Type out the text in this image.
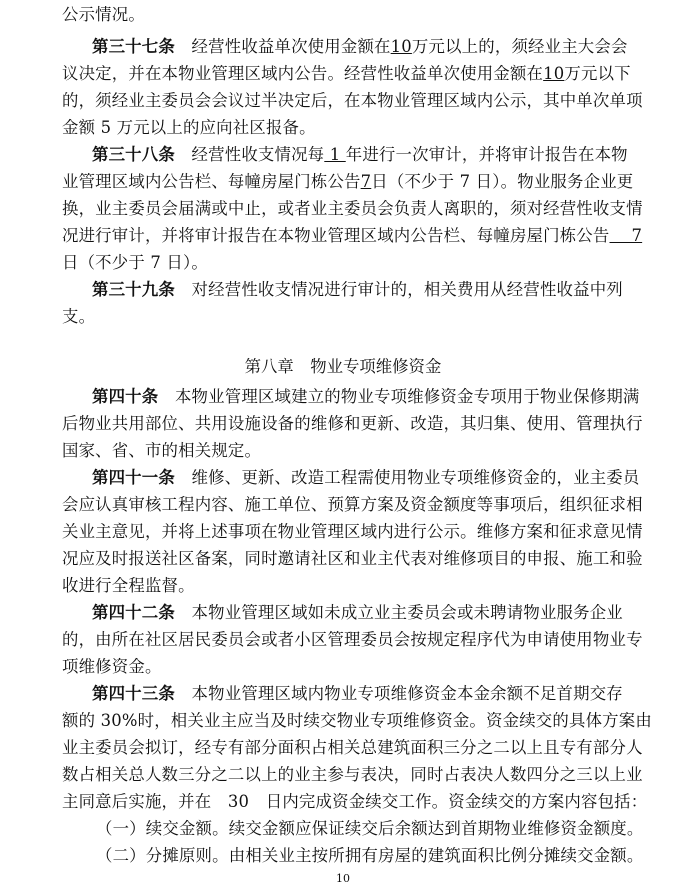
公示情况。
第三十七条　 经营性收益单次使用金额在10万元以上的，须经业主大会会
议决定，并在本物业管理区域内公告。经营性收益单次使用金额在10万元以下
的，须经业主委员会会议过半决定后，在本物业管理区域内公示，其中单次单项
金额 5 万元以上的应向社区报备。
第三十八条　 经营性收支情况每 1 年进行一次审计，并将审计报告在本物
业管理区域内公告栏、每幢房屋门栋公告7日（不少于 7 日）。物业服务企业更
换，业主委员会届满或中止，或者业主委员会负责人离职的，须对经营性收支情
况进行审计，并将审计报告在本物业管理区域内公告栏、每幢房屋门栋公告　 7
日（不少于 7 日）。
第三十九条　 对经营性收支情况进行审计的，相关费用从经营性收益中列
支。
第八章　物业专项维修资金
第四十条　 本物业管理区域建立的物业专项维修资金专项用于物业保修期满
后物业共用部位、共用设施设备的维修和更新、改造，其归集、使用、管理执行
国家、省、市的相关规定。
第四十一条　 维修、更新、改造工程需使用物业专项维修资金的，业主委员
会应认真审核工程内容、施工单位、预算方案及资金额度等事项后，组织征求相
关业主意见，并将上述事项在物业管理区域内进行公示。维修方案和征求意见情
况应及时报送社区备案，同时邀请社区和业主代表对维修项目的申报、施工和验
收进行全程监督。
第四十二条　 本物业管理区域如未成立业主委员会或未聘请物业服务企业
的，由所在社区居民委员会或者小区管理委员会按规定程序代为申请使用物业专
项维修资金。
第四十三条　 本物业管理区域内物业专项维修资金本金余额不足首期交存
额的 30%时，相关业主应当及时续交物业专项维修资金。资金续交的具体方案由
业主委员会拟订，经专有部分面积占相关总建筑面积三分之二以上且专有部分人
数占相关总人数三分之二以上的业主参与表决，同时占表决人数四分之三以上业
主同意后实施，并在　30　日内完成资金续交工作。资金续交的方案内容包括：
（一）续交金额。续交金额应保证续交后余额达到首期物业维修资金额度。
（二）分摊原则。由相关业主按所拥有房屋的建筑面积比例分摊续交金额。
10
